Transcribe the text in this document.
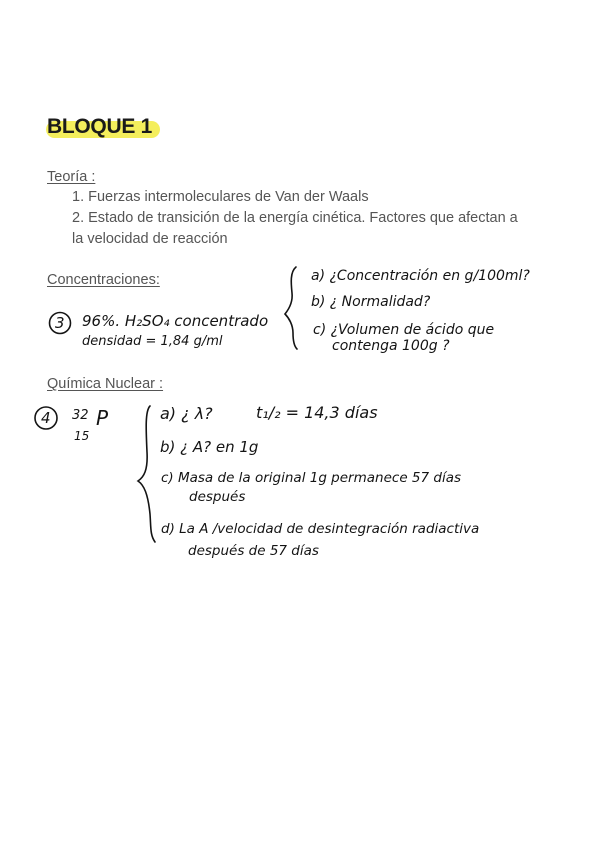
BLOQUE 1
Teoría :
1. Fuerzas intermoleculares de Van der Waals
2. Estado de transición de la energía cinética. Factores que afectan a
la velocidad de reacción
Concentraciones:
3 96%. H₂SO₄ concentrado
densidad = 1,84 g/ml
a) ¿Concentración en g/100ml?
b) ¿ Normalidad?
c) ¿Volumen de ácido que
contenga 100g ?
Química Nuclear :
4 32 P
15
a) ¿ λ?	t₁/₂ = 14,3 días
b) ¿ A? en 1g
c) Masa de la original 1g permanece 57 días
después
d) La A /velocidad de desintegración radiactiva
después de 57 días
